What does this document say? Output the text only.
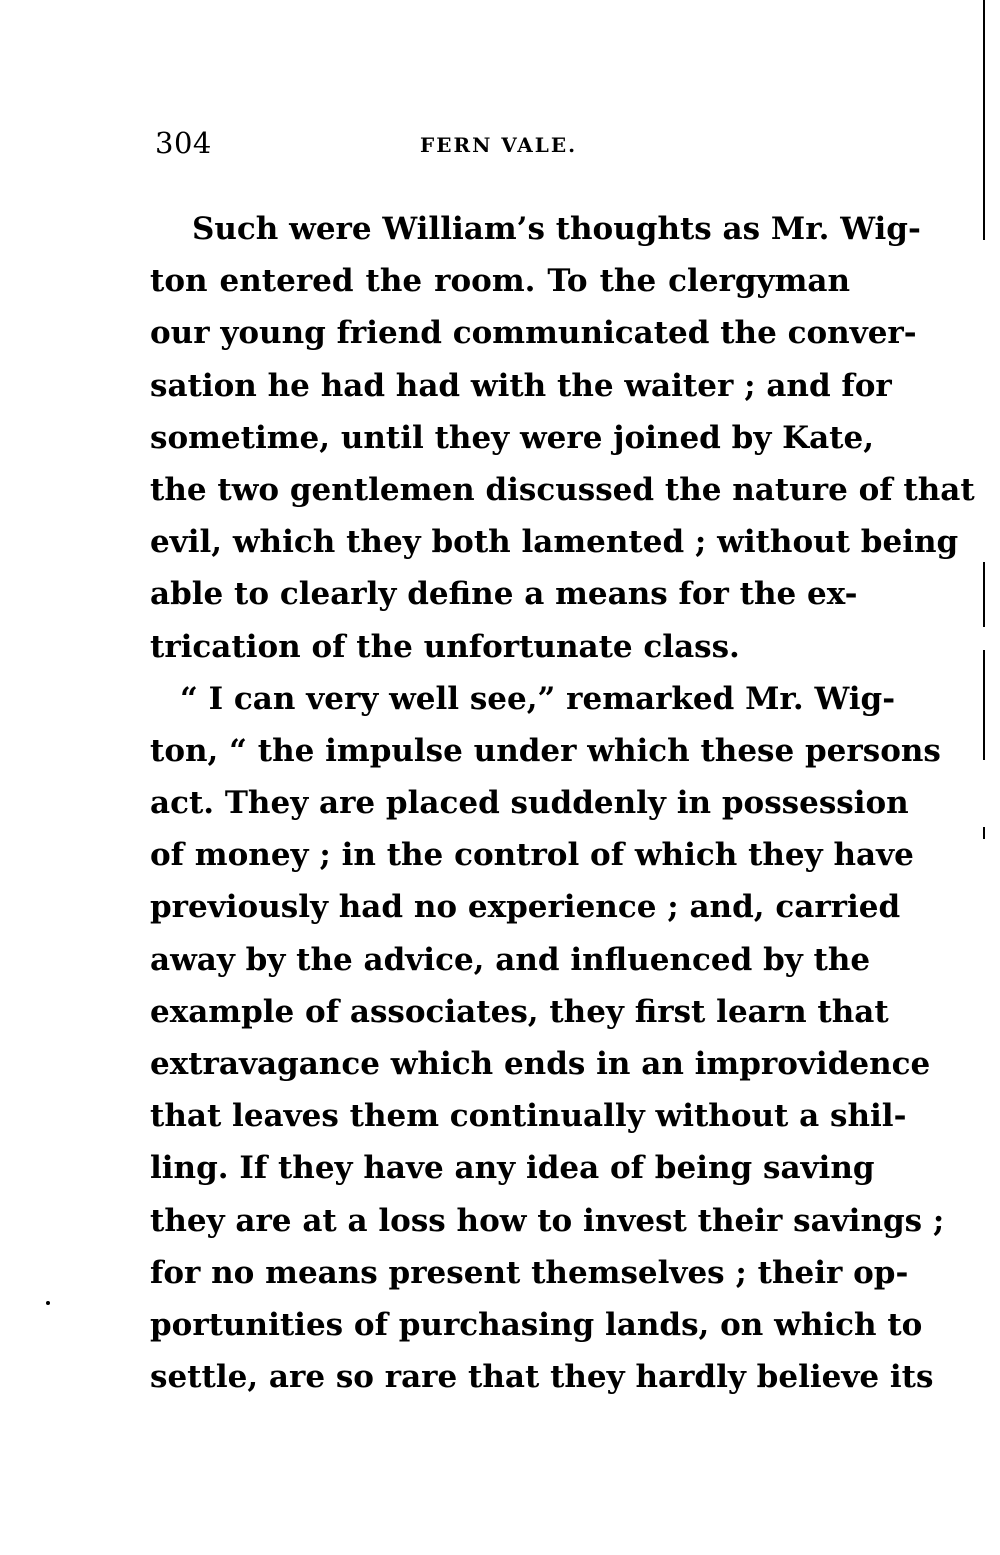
304	FERN VALE.
Such were William’s thoughts as Mr. Wig-
ton entered the room. To the clergyman
our young friend communicated the conver-
sation he had had with the waiter ; and for
sometime, until they were joined by Kate,
the two gentlemen discussed the nature of that
evil, which they both lamented ; without being
able to clearly define a means for the ex-
trication of the unfortunate class.
“ I can very well see,” remarked Mr. Wig-
ton, “ the impulse under which these persons
act. They are placed suddenly in possession
of money ; in the control of which they have
previously had no experience ; and, carried
away by the advice, and influenced by the
example of associates, they first learn that
extravagance which ends in an improvidence
that leaves them continually without a shil-
ling. If they have any idea of being saving
they are at a loss how to invest their savings ;
for no means present themselves ; their op-
portunities of purchasing lands, on which to
settle, are so rare that they hardly believe its
